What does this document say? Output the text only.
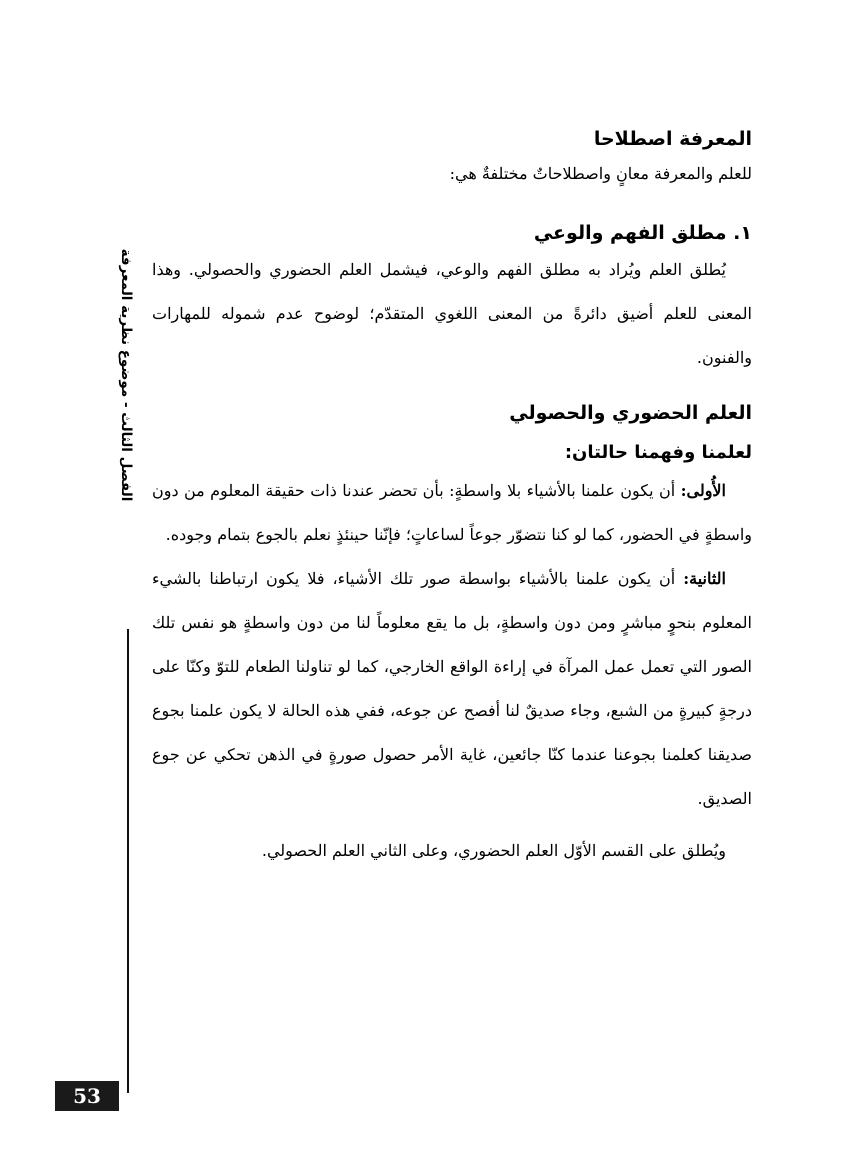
الفصل الثالث - موضوع نظرية المعرفة
53

المعرفة اصطلاحا

للعلم والمعرفة معانٍ واصطلاحاتٌ مختلفةٌ هي:

١. مطلق الفهم والوعي

يُطلق العلم ويُراد به مطلق الفهم والوعي، فيشمل العلم الحضوري والحصولي. وهذا المعنى للعلم أضيق دائرةً من المعنى اللغوي المتقدّم؛ لوضوح عدم شموله للمهارات والفنون.

العلم الحضوري والحصولي

لعلمنا وفهمنا حالتان:

الأُولى: أن يكون علمنا بالأشياء بلا واسطةٍ: بأن تحضر عندنا ذات حقيقة المعلوم من دون واسطةٍ في الحضور، كما لو كنا نتضوّر جوعاً لساعاتٍ؛ فإنّنا حينئذٍ نعلم بالجوع بتمام وجوده.

الثانية: أن يكون علمنا بالأشياء بواسطة صور تلك الأشياء، فلا يكون ارتباطنا بالشيء المعلوم بنحوٍ مباشرٍ ومن دون واسطةٍ، بل ما يقع معلوماً لنا من دون واسطةٍ هو نفس تلك الصور التي تعمل عمل المرآة في إراءة الواقع الخارجي، كما لو تناولنا الطعام للتوّ وكنّا على درجةٍ كبيرةٍ من الشبع، وجاء صديقٌ لنا أفصح عن جوعه، ففي هذه الحالة لا يكون علمنا بجوع صديقنا كعلمنا بجوعنا عندما كنّا جائعين، غاية الأمر حصول صورةٍ في الذهن تحكي عن جوع الصديق.

ويُطلق على القسم الأوّل العلم الحضوري، وعلى الثاني العلم الحصولي.
